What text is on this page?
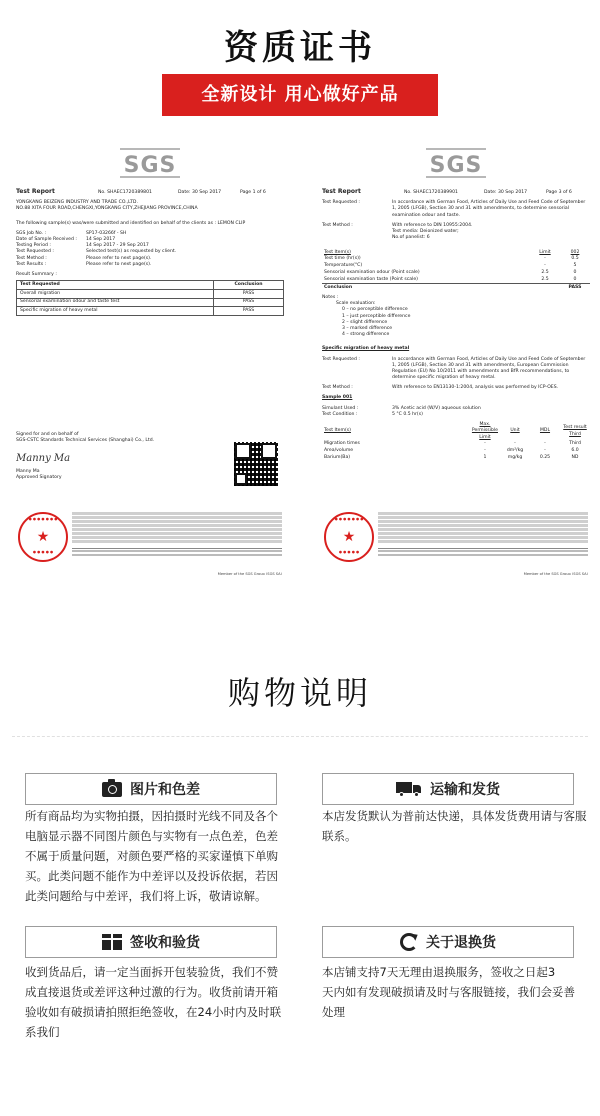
资质证书
全新设计 用心做好产品
SGS
Test Report	No. SHAEC1720389801	Date: 30 Sep 2017	Page 1 of 6
YONGKANG BEIZENG INDUSTRY AND TRADE CO.,LTD.
NO.88 XITA FOUR ROAD,CHENGXI,YONGKANG CITY,ZHEJIANG PROVINCE,CHINA
The following sample(s) was/were submitted and identified on behalf of the clients as : LEMON CLIP
SGS Job No. :	SP17-03266f - SH
Date of Sample Received :	14 Sep 2017
Testing Period :	14 Sep 2017 - 29 Sep 2017
Test Requested :	Selected test(s) as requested by client.
Test Method :	Please refer to next page(s).
Test Results :	Please refer to next page(s).
Result Summary :
Test Requested	Conclusion
Overall migration	PASS
Sensorial examination odour and taste test	PASS
Specific migration of heavy metal	PASS
Signed for and on behalf of
SGS-CSTC Standards Technical Services (Shanghai) Co., Ltd.
Manny Ma
Manny Ma
Approved Signatory
● ● ● ● ● ● ●
★
● ● ● ● ●
Member of the SGS Group (SGS SA)
SGS
Test Report	No. SHAEC1720389901	Date: 30 Sep 2017	Page 3 of 6
Test Requested :	In accordance with German Food, Articles of Daily Use and Feed Code of September 1, 2005 (LFGB), Section 30 and 31 with amendments, to determine sensorial examination odour and taste.
Test Method :	With reference to DIN 10955:2004.
Test media: Deionized water;
No.of panelist: 6
Test Item(s)	Limit	002
Test time (hr(s))	-	0.5
Temperature(°C)	-	5
Sensorial examination odour (Point scale)	2.5	0
Sensorial examination taste (Point scale)	2.5	0
Conclusion		PASS
Notes :
Scale evaluation:
0 – no perceptible difference
1 – just perceptible difference
2 – slight difference
3 – marked difference
4 – strong difference
Specific migration of heavy metal
Test Requested :	In accordance with German Food, Articles of Daily Use and Feed Code of September 1, 2005 (LFGB), Section 30 and 31 with amendments, European Commission Regulation (EU) No 10/2011 with amendments and BfR recommendations, to determine specific migration of heavy metal.
Test Method :	With reference to EN13130-1:2004, analysis was performed by ICP-OES.
Sample 001
Simulant Used :	3% Acetic acid (W/V) aqueous solution
Test Condition :	5 °C 0.5 hr(s)
Test Item(s)	Max. Permissible Limit	Unit	MDL	Test result Third
Migration times	-	-	-	Third
Area/volume	-	dm²/kg	-	6.0
Barium(Ba)	1	mg/kg	0.25	ND
● ● ● ● ● ● ●
★
● ● ● ● ●
Member of the SGS Group (SGS SA)
购物说明
图片和色差
所有商品均为实物拍摄，因拍摄时光线不同及各个
电脑显示器不同图片颜色与实物有一点色差，色差
不属于质量问题，对颜色要严格的买家谨慎下单购
买。此类问题不能作为中差评以及投诉依据，若因
此类问题给与中差评，我们将上诉，敬请谅解。
运输和发货
本店发货默认为普前达快递，具体发货费用请与客服
联系。
签收和验货
收到货品后，请一定当面拆开包装验货，我们不赞
成直接退货或差评这种过激的行为。收货前请开箱
验收如有破损请拍照拒绝签收，在24小时内及时联
系我们
关于退换货
本店铺支持7天无理由退换服务，签收之日起3
天内如有发现破损请及时与客服链接，我们会妥善
处理
